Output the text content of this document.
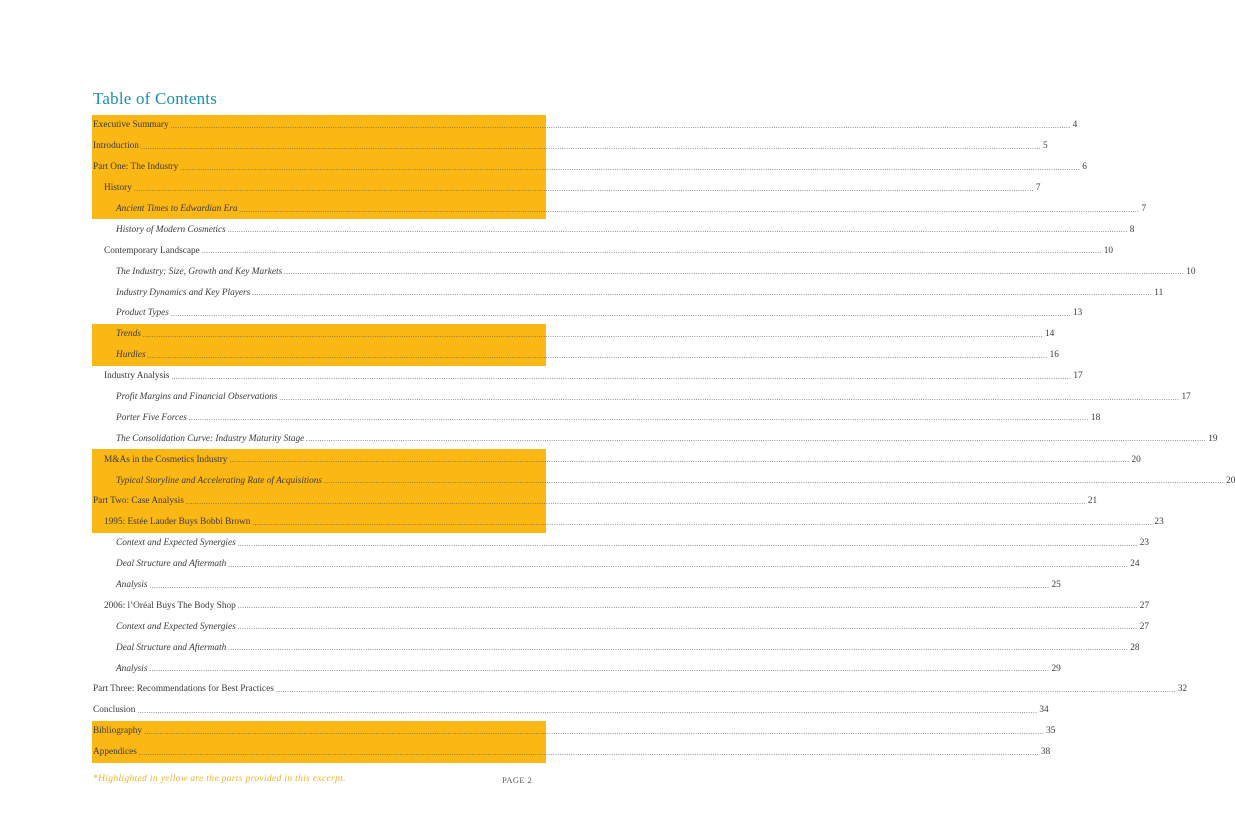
Table of Contents
Executive Summary ................................................................................................................................................................................................................................................................................................................................................................................................................ 4
Introduction ................................................................................................................................................................................................................................................................................................................................................................................................................ 5
Part One: The Industry ................................................................................................................................................................................................................................................................................................................................................................................................................ 6
History ................................................................................................................................................................................................................................................................................................................................................................................................................ 7
Ancient Times to Edwardian Era ................................................................................................................................................................................................................................................................................................................................................................................................................ 7
History of Modern Cosmetics ................................................................................................................................................................................................................................................................................................................................................................................................................ 8
Contemporary Landscape ................................................................................................................................................................................................................................................................................................................................................................................................................ 10
The Industry: Size, Growth and Key Markets ................................................................................................................................................................................................................................................................................................................................................................................................................ 10
Industry Dynamics and Key Players ................................................................................................................................................................................................................................................................................................................................................................................................................ 11
Product Types ................................................................................................................................................................................................................................................................................................................................................................................................................ 13
Trends ................................................................................................................................................................................................................................................................................................................................................................................................................ 14
Hurdles ................................................................................................................................................................................................................................................................................................................................................................................................................ 16
Industry Analysis ................................................................................................................................................................................................................................................................................................................................................................................................................ 17
Profit Margins and Financial Observations ................................................................................................................................................................................................................................................................................................................................................................................................................ 17
Porter Five Forces ................................................................................................................................................................................................................................................................................................................................................................................................................ 18
The Consolidation Curve: Industry Maturity Stage ................................................................................................................................................................................................................................................................................................................................................................................................................ 19
M&As in the Cosmetics Industry ................................................................................................................................................................................................................................................................................................................................................................................................................ 20
Typical Storyline and Accelerating Rate of Acquisitions ................................................................................................................................................................................................................................................................................................................................................................................................................ 20
Part Two: Case Analysis ................................................................................................................................................................................................................................................................................................................................................................................................................ 21
1995: Estée Lauder Buys Bobbi Brown ................................................................................................................................................................................................................................................................................................................................................................................................................ 23
Context and Expected Synergies ................................................................................................................................................................................................................................................................................................................................................................................................................ 23
Deal Structure and Aftermath ................................................................................................................................................................................................................................................................................................................................................................................................................ 24
Analysis ................................................................................................................................................................................................................................................................................................................................................................................................................ 25
2006: l’Oréal Buys The Body Shop ................................................................................................................................................................................................................................................................................................................................................................................................................ 27
Context and Expected Synergies ................................................................................................................................................................................................................................................................................................................................................................................................................ 27
Deal Structure and Aftermath ................................................................................................................................................................................................................................................................................................................................................................................................................ 28
Analysis ................................................................................................................................................................................................................................................................................................................................................................................................................ 29
Part Three: Recommendations for Best Practices ................................................................................................................................................................................................................................................................................................................................................................................................................ 32
Conclusion ................................................................................................................................................................................................................................................................................................................................................................................................................ 34
Bibliography ................................................................................................................................................................................................................................................................................................................................................................................................................ 35
Appendices ................................................................................................................................................................................................................................................................................................................................................................................................................ 38
*Highlighted in yellow are the parts provided in this excerpt.	PAGE 2
